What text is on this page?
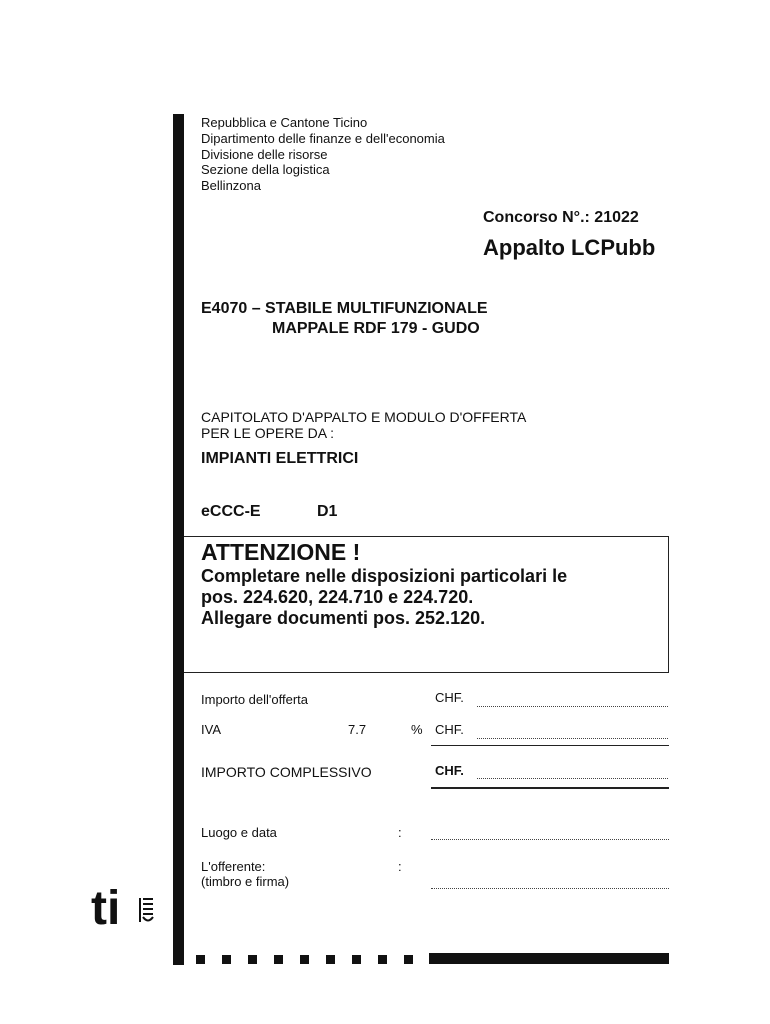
Repubblica e Cantone Ticino
Dipartimento delle finanze e dell'economia
Divisione delle risorse
Sezione della logistica
Bellinzona
Concorso N°.: 21022
Appalto LCPubb
E4070 – STABILE MULTIFUNZIONALE
MAPPALE RDF 179 - GUDO
CAPITOLATO D'APPALTO E MODULO D'OFFERTA
PER LE OPERE DA :
IMPIANTI ELETTRICI
eCCC-E	D1
ATTENZIONE !
Completare nelle disposizioni particolari le
pos. 224.620, 224.710 e 224.720.
Allegare documenti pos. 252.120.
Importo dell'offerta	CHF.
IVA	7.7	% CHF.
IMPORTO COMPLESSIVO	CHF.
Luogo e data	:
L'offerente:	:
(timbro e firma)
ti
